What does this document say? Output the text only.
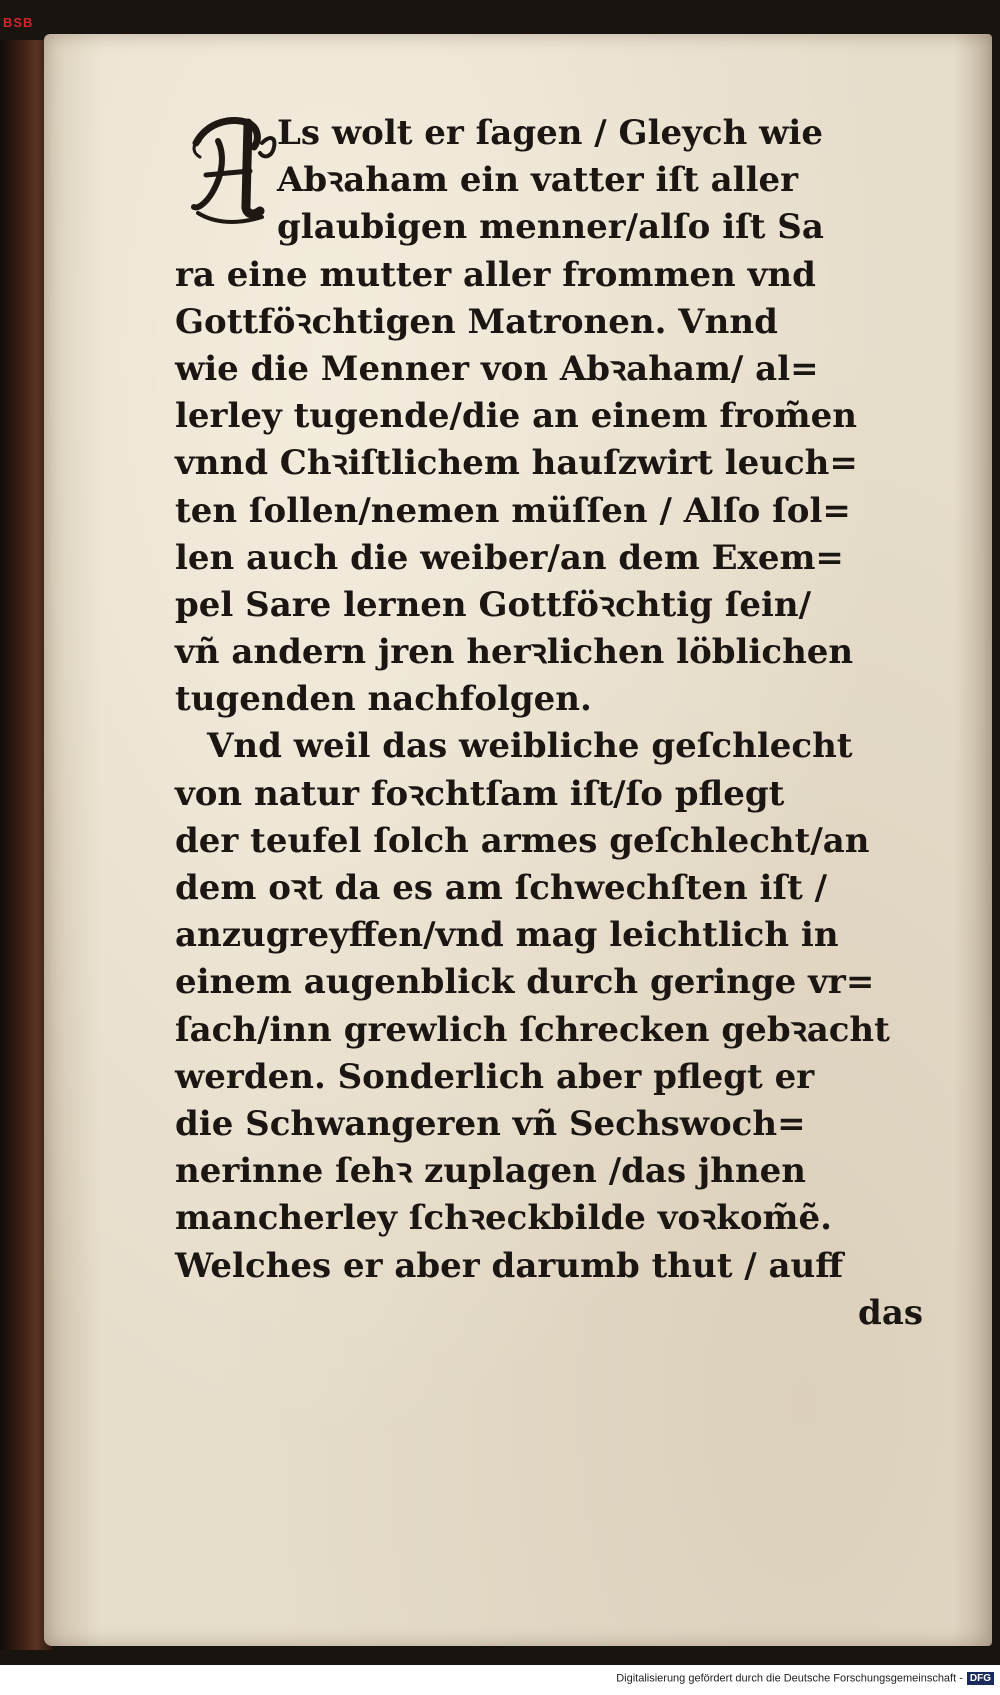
BSB
Ls wolt er ſagen / Gleych wie
Abꝛaham ein vatter iſt aller
glaubigen menner/alſo iſt Sa
ra eine mutter aller frommen vnd
Gottföꝛchtigen Matronen. Vnnd
wie die Menner von Abꝛaham/ al=
lerley tugende/die an einem from̃en
vnnd Chꝛiſtlichem hauſzwirt leuch=
ten ſollen/nemen müſſen / Alſo ſol=
len auch die weiber/an dem Exem=
pel Sare lernen Gottföꝛchtig ſein/
vñ andern jren herꝛlichen löblichen
tugenden nachfolgen.
Vnd weil das weibliche geſchlecht
von natur foꝛchtſam iſt/ſo pflegt
der teufel ſolch armes geſchlecht/an
dem oꝛt da es am ſchwechſten iſt /
anzugreyffen/vnd mag leichtlich in
einem augenblick durch geringe vr=
ſach/inn grewlich ſchrecken gebꝛacht
werden. Sonderlich aber pflegt er
die Schwangeren vñ Sechswoch=
nerinne ſehꝛ zuplagen /das jhnen
mancherley ſchꝛeckbilde voꝛkom̃ẽ.
Welches er aber darumb thut / auff
das
Digitalisierung gefördert durch die Deutsche Forschungsgemeinschaft - DFG
